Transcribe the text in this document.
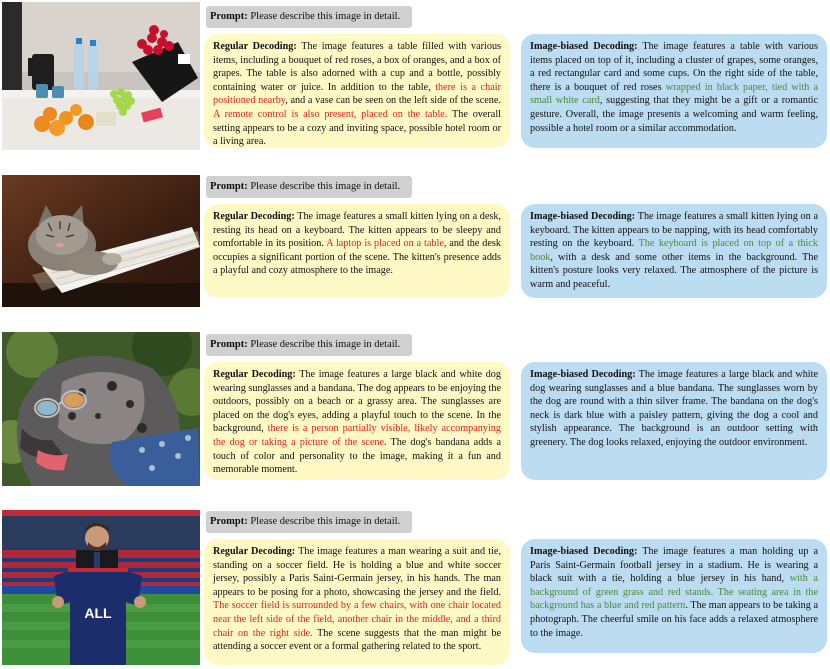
Prompt: Please describe this image in detail.
Regular Decoding: The image features a table filled with various items, including a bouquet of red roses, a box of oranges, and a box of grapes. The table is also adorned with a cup and a bottle, possibly containing water or juice. In addition to the table, there is a chair positioned nearby, and a vase can be seen on the left side of the scene. A remote control is also present, placed on the table. The overall setting appears to be a cozy and inviting space, possible hotel room or a living area.
Image-biased Decoding: The image features a table with various items placed on top of it, including a cluster of grapes, some oranges, a red rectangular card and some cups. On the right side of the table, there is a bouquet of red roses wrapped in black paper, tied with a small white card, suggesting that they might be a gift or a romantic gesture. Overall, the image presents a welcoming and warm feeling, possible a hotel room or a similar accommodation.
Prompt: Please describe this image in detail.
Regular Decoding: The image features a small kitten lying on a desk, resting its head on a keyboard. The kitten appears to be sleepy and comfortable in its position. A laptop is placed on a table, and the desk occupies a significant portion of the scene. The kitten's presence adds a playful and cozy atmosphere to the image.
Image-biased Decoding: The image features a small kitten lying on a keyboard. The kitten appears to be napping, with its head comfortably resting on the keyboard. The keyboard is placed on top of a thick book, with a desk and some other items in the background. The kitten's posture looks very relaxed. The atmosphere of the picture is warm and peaceful.
Prompt: Please describe this image in detail.
Regular Decoding: The image features a large black and white dog wearing sunglasses and a bandana. The dog appears to be enjoying the outdoors, possibly on a beach or a grassy area. The sunglasses are placed on the dog's eyes, adding a playful touch to the scene. In the background, there is a person partially visible, likely accompanying the dog or taking a picture of the scene. The dog's bandana adds a touch of color and personality to the image, making it a fun and memorable moment.
Image-biased Decoding: The image features a large black and white dog wearing sunglasses and a blue bandana. The sunglasses worn by the dog are round with a thin silver frame. The bandana on the dog's neck is dark blue with a paisley pattern, giving the dog a cool and stylish appearance. The background is an outdoor setting with greenery. The dog looks relaxed, enjoying the outdoor environment.
ALL
Prompt: Please describe this image in detail.
Regular Decoding: The image features a man wearing a suit and tie, standing on a soccer field. He is holding a blue and white soccer jersey, possibly a Paris Saint-Germain jersey, in his hands. The man appears to be posing for a photo, showcasing the jersey and the field. The soccer field is surrounded by a few chairs, with one chair located near the left side of the field, another chair in the middle, and a third chair on the right side. The scene suggests that the man might be attending a soccer event or a formal gathering related to the sport.
Image-biased Decoding: The image features a man holding up a Paris Saint-Germain football jersey in a stadium. He is wearing a black suit with a tie, holding a blue jersey in his hand, with a background of green grass and red stands. The seating area in the background has a blue and red pattern. The man appears to be taking a photograph. The cheerful smile on his face adds a relaxed atmosphere to the image.
